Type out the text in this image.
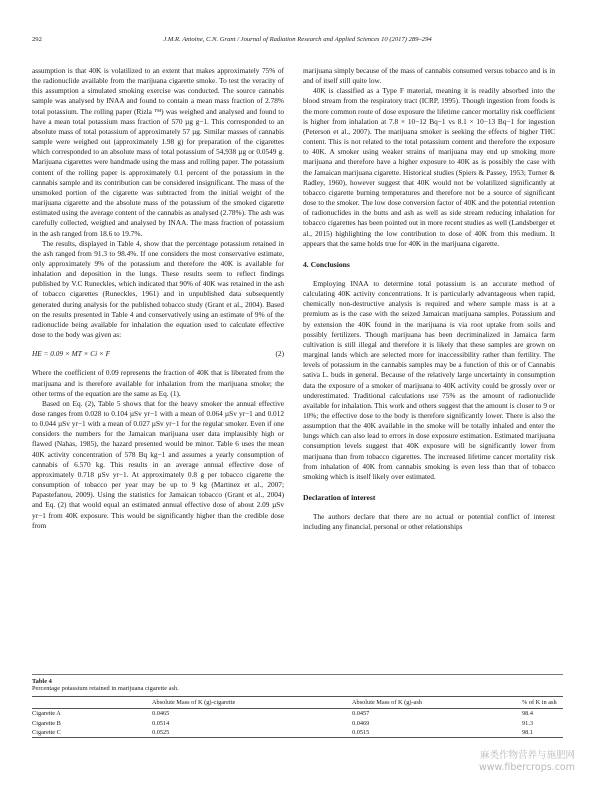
292	J.M.R. Antoine, C.N. Grant / Journal of Radiation Research and Applied Sciences 10 (2017) 289–294

assumption is that 40K is volatilized to an extent that makes approximately 75% of the radionuclide available from the marijuana cigarette smoke. To test the veracity of this assumption a simulated smoking exercise was conducted. The source cannabis sample was analysed by INAA and found to contain a mean mass fraction of 2.78% total potassium. The rolling paper (Rizla ™) was weighed and analysed and found to have a mean total potassium mass fraction of 570 µg g−1. This corresponded to an absolute mass of total potassium of approximately 57 µg. Similar masses of cannabis sample were weighed out (approximately 1.98 g) for preparation of the cigarettes which corresponded to an absolute mass of total potassium of 54,938 µg or 0.0549 g. Marijuana cigarettes were handmade using the mass and rolling paper. The potassium content of the rolling paper is approximately 0.1 percent of the potassium in the cannabis sample and its contribution can be considered insignificant. The mass of the unsmoked portion of the cigarette was subtracted from the initial weight of the marijuana cigarette and the absolute mass of the potassium of the smoked cigarette estimated using the average content of the cannabis as analysed (2.78%). The ash was carefully collected, weighed and analysed by INAA. The mass fraction of potassium in the ash ranged from 18.6 to 19.7%.

The results, displayed in Table 4, show that the percentage potassium retained in the ash ranged from 91.3 to 98.4%. If one considers the most conservative estimate, only approximately 9% of the potassium and therefore the 40K is available for inhalation and deposition in the lungs. These results seem to reflect findings published by V.C Runeckles, which indicated that 90% of 40K was retained in the ash of tobacco cigarettes (Runeckles, 1961) and in unpublished data subsequently generated during analysis for the published tobacco study (Grant et al., 2004). Based on the results presented in Table 4 and conservatively using an estimate of 9% of the radionuclide being available for inhalation the equation used to calculate effective dose to the body was given as:

HE = 0.09 × MT × Ci × F	(2)

Where the coefficient of 0.09 represents the fraction of 40K that is liberated from the marijuana and is therefore available for inhalation from the marijuana smoke; the other terms of the equation are the same as Eq. (1).

Based on Eq. (2), Table 5 shows that for the heavy smoker the annual effective dose ranges from 0.028 to 0.104 µSv yr−1 with a mean of 0.064 µSv yr−1 and 0.012 to 0.044 µSv yr−1 with a mean of 0.027 µSv yr−1 for the regular smoker. Even if one considers the numbers for the Jamaican marijuana user data implausibly high or flawed (Nahas, 1985), the hazard presented would be minor. Table 6 uses the mean 40K activity concentration of 578 Bq kg−1 and assumes a yearly consumption of cannabis of 6.570 kg. This results in an average annual effective dose of approximately 0.718 µSv yr−1. At approximately 0.8 g per tobacco cigarette the consumption of tobacco per year may be up to 9 kg (Martinez et al., 2007; Papastefanou, 2009). Using the statistics for Jamaican tobacco (Grant et al., 2004) and Eq. (2) that would equal an estimated annual effective dose of about 2.09 µSv yr−1 from 40K exposure. This would be significantly higher than the credible dose from

marijuana simply because of the mass of cannabis consumed versus tobacco and is in and of itself still quite low.

40K is classified as a Type F material, meaning it is readily absorbed into the blood stream from the respiratory tract (ICRP, 1995). Though ingestion from foods is the more common route of dose exposure the lifetime cancer mortality risk coefficient is higher from inhalation at 7.8 × 10−12 Bq−1 vs 8.1 × 10−13 Bq−1 for ingestion (Peterson et al., 2007). The marijuana smoker is seeking the effects of higher THC content. This is not related to the total potassium content and therefore the exposure to 40K. A smoker using weaker strains of marijuana may end up smoking more marijuana and therefore have a higher exposure to 40K as is possibly the case with the Jamaican marijuana cigarette. Historical studies (Spiers & Passey, 1953; Turner & Radley, 1960), however suggest that 40K would not be volatilized significantly at tobacco cigarette burning temperatures and therefore not be a source of significant dose to the smoker. The low dose conversion factor of 40K and the potential retention of radionuclides in the butts and ash as well as side stream reducing inhalation for tobacco cigarettes has been pointed out in more recent studies as well (Landsberger et al., 2015) highlighting the low contribution to dose of 40K from this medium. It appears that the same holds true for 40K in the marijuana cigarette.

4. Conclusions

Employing INAA to determine total potassium is an accurate method of calculating 40K activity concentrations. It is particularly advantageous when rapid, chemically non-destructive analysis is required and where sample mass is at a premium as is the case with the seized Jamaican marijuana samples. Potassium and by extension the 40K found in the marijuana is via root uptake from soils and possibly fertilizers. Though marijuana has been decriminalized in Jamaica farm cultivation is still illegal and therefore it is likely that these samples are grown on marginal lands which are selected more for inaccessibility rather than fertility. The levels of potassium in the cannabis samples may be a function of this or of Cannabis sativa L. buds in general. Because of the relatively large uncertainty in consumption data the exposure of a smoker of marijuana to 40K activity could be grossly over or underestimated. Traditional calculations use 75% as the amount of radionuclide available for inhalation. This work and others suggest that the amount is closer to 9 or 10%; the effective dose to the body is therefore significantly lower. There is also the assumption that the 40K available in the smoke will be totally inhaled and enter the lungs which can also lead to errors in dose exposure estimation. Estimated marijuana consumption levels suggest that 40K exposure will be significantly lower from marijuana than from tobacco cigarettes. The increased lifetime cancer mortality risk from inhalation of 40K from cannabis smoking is even less than that of tobacco smoking which is itself likely over estimated.

Declaration of interest

The authors declare that there are no actual or potential conflict of interest including any financial, personal or other relationships

Table 4
Percentage potassium retained in marijuana cigarette ash.
	Absolute Mass of K (g)-cigarette	Absolute Mass of K (g)-ash	% of K in ash
Cigarette A	0.0465	0.0457	98.4
Cigarette B	0.0514	0.0469	91.3
Cigarette C	0.0525	0.0515	98.1
麻类作物营养与施肥网
www.fibercrops.com
